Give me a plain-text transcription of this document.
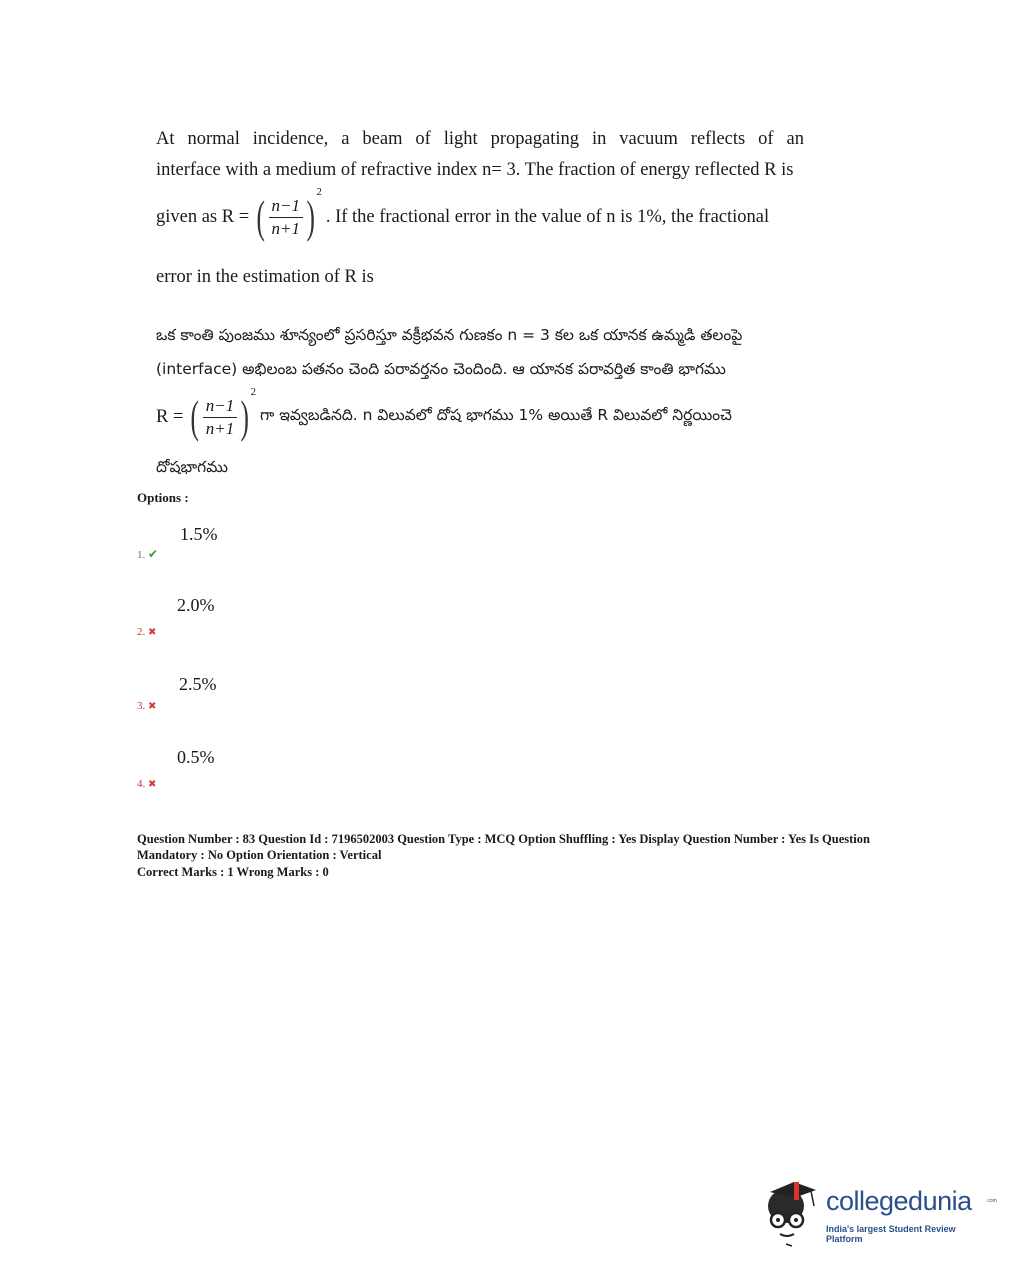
At normal incidence, a beam of light propagating in vacuum reflects of an
interface with a medium of refractive index n= 3. The fraction of energy reflected R is
given as R = ( $\frac{n-1}{n+1}$ ) 2
. If the fractional error in the value of n is 1%, the fractional
error in the estimation of R is
ఒక కాంతి పుంజము శూన్యంలో ప్రసరిస్తూ వక్రీభవన గుణకం n = 3 కల ఒక యానక ఉమ్మడి తలంపై
(interface) అభిలంబ పతనం చెంది పరావర్తనం చెందింది. ఆ యానక పరావర్తిత కాంతి భాగము
R = ( $\frac{n-1}{n+1}$ ) 2
గా ఇవ్వబడినది. n విలువలో దోష భాగము 1% అయితే R విలువలో నిర్ణయించె
దోషభాగము
Options :
1.5%
1. ✔
2.0%
2. ✖
2.5%
3. ✖
0.5%
4. ✖
Question Number : 83 Question Id : 7196502003 Question Type : MCQ Option Shuffling : Yes Display Question Number : Yes Is Question
Mandatory : No Option Orientation : Vertical
Correct Marks : 1 Wrong Marks : 0
collegedunia	.com
India's largest Student Review Platform
